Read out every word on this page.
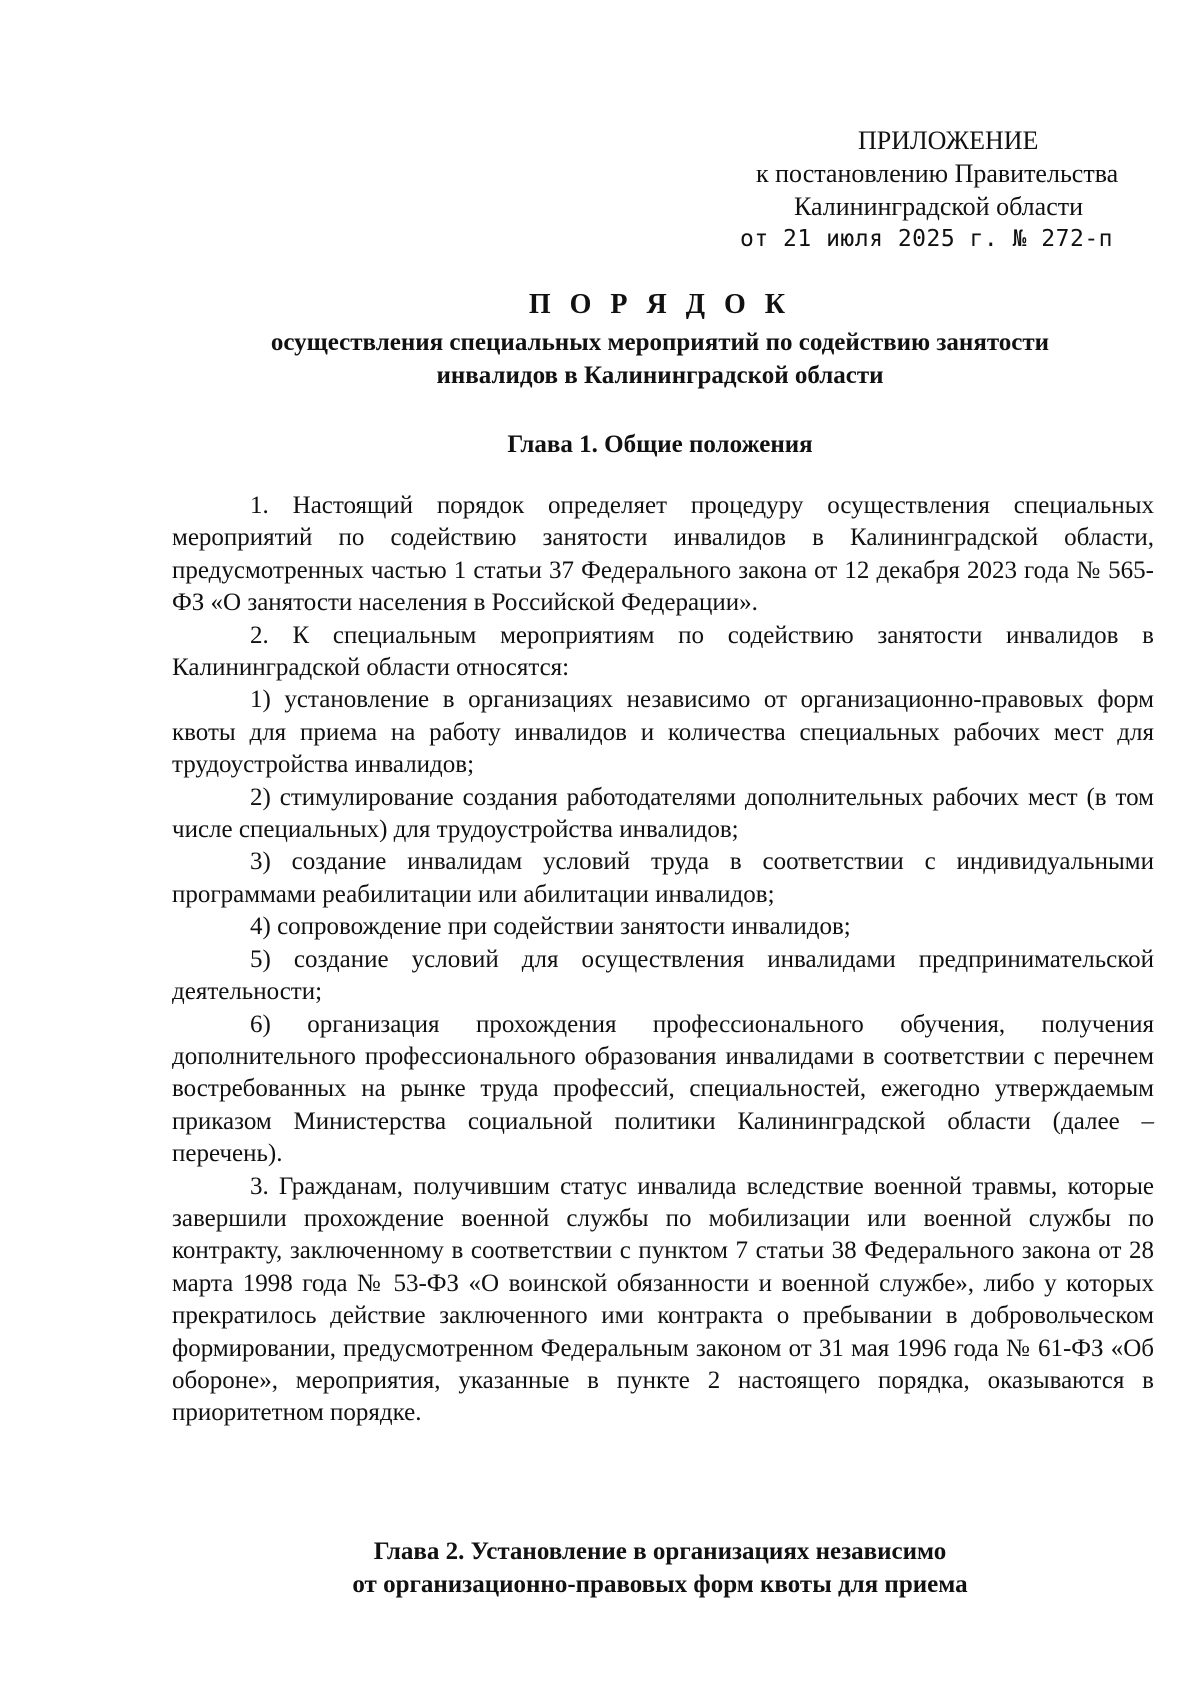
ПРИЛОЖЕНИЕ
к постановлению Правительства
Калининградской области
от 21 июля 2025 г. № 272-п
П О Р Я Д О К
осуществления специальных мероприятий по содействию занятости
инвалидов в Калининградской области
Глава 1. Общие положения

1. Настоящий порядок определяет процедуру осуществления специальных мероприятий по содействию занятости инвалидов в Калининградской области, предусмотренных частью 1 статьи 37 Федерального закона от 12 декабря 2023 года № 565-ФЗ «О занятости населения в Российской Федерации».

2. К специальным мероприятиям по содействию занятости инвалидов в Калининградской области относятся:

1) установление в организациях независимо от организационно-правовых форм квоты для приема на работу инвалидов и количества специальных рабочих мест для трудоустройства инвалидов;

2) стимулирование создания работодателями дополнительных рабочих мест (в том числе специальных) для трудоустройства инвалидов;

3) создание инвалидам условий труда в соответствии с индивидуальными программами реабилитации или абилитации инвалидов;

4) сопровождение при содействии занятости инвалидов;

5) создание условий для осуществления инвалидами предпринимательской деятельности;

6) организация прохождения профессионального обучения, получения дополнительного профессионального образования инвалидами в соответствии с перечнем востребованных на рынке труда профессий, специальностей, ежегодно утверждаемым приказом Министерства социальной политики Калининградской области (далее – перечень).

3. Гражданам, получившим статус инвалида вследствие военной травмы, которые завершили прохождение военной службы по мобилизации или военной службы по контракту, заключенному в соответствии с пунктом 7 статьи 38 Федерального закона от 28 марта 1998 года № 53-ФЗ «О воинской обязанности и военной службе», либо у которых прекратилось действие заключенного ими контракта о пребывании в добровольческом формировании, предусмотренном Федеральным законом от 31 мая 1996 года № 61-ФЗ «Об обороне», мероприятия, указанные в пункте 2 настоящего порядка, оказываются в приоритетном порядке.

Глава 2. Установление в организациях независимо
от организационно-правовых форм квоты для приема
